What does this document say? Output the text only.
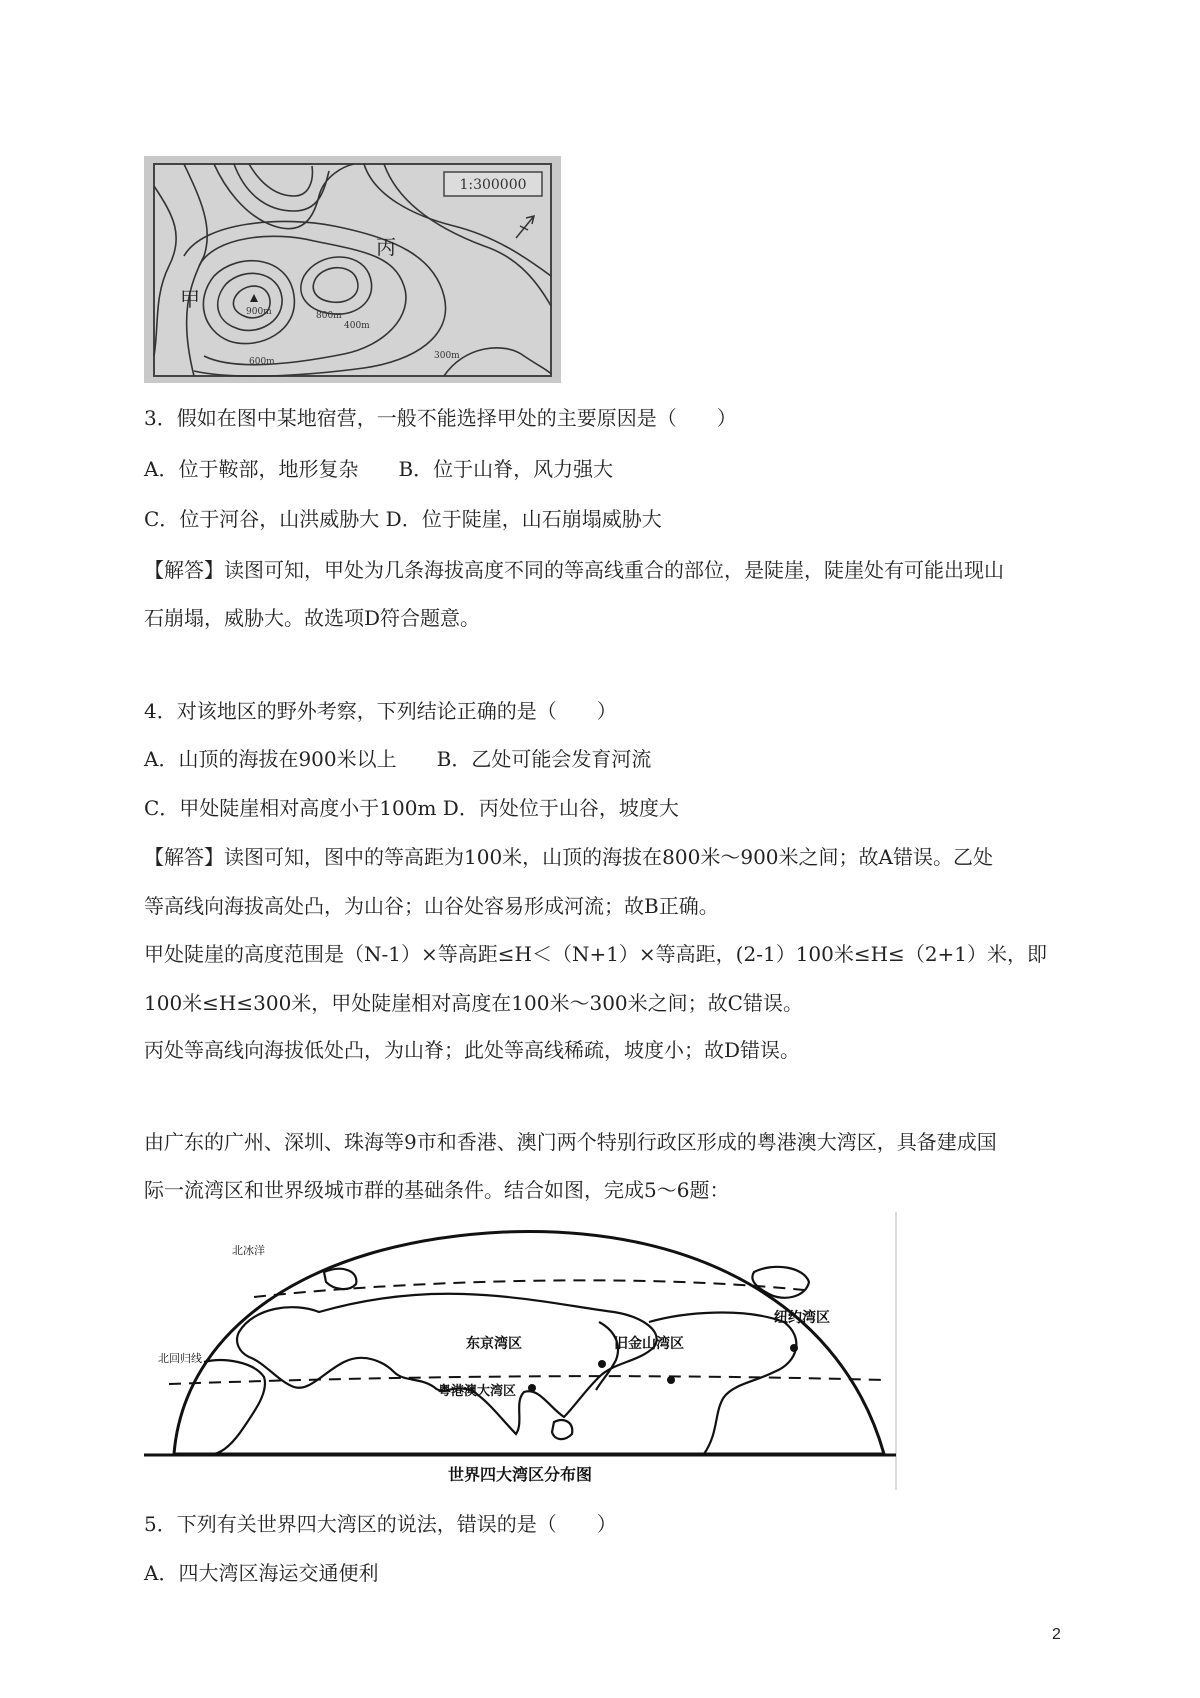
1:300000
甲
丙
900m	800m
600m
400m
300m
3．假如在图中某地宿营，一般不能选择甲处的主要原因是（　　）
A．位于鞍部，地形复杂　　B．位于山脊，风力强大
C．位于河谷，山洪威胁大 D．位于陡崖，山石崩塌威胁大
【解答】读图可知，甲处为几条海拔高度不同的等高线重合的部位，是陡崖，陡崖处有可能出现山
石崩塌，威胁大。故选项D符合题意。
4．对该地区的野外考察，下列结论正确的是（　　）
A．山顶的海拔在900米以上　　B．乙处可能会发育河流
C．甲处陡崖相对高度小于100m D．丙处位于山谷，坡度大
【解答】读图可知，图中的等高距为100米，山顶的海拔在800米～900米之间；故A错误。乙处
等高线向海拔高处凸，为山谷；山谷处容易形成河流；故B正确。
甲处陡崖的高度范围是（N-1）×等高距≤H＜（N+1）×等高距，(2-1）100米≤H≤（2+1）米，即
100米≤H≤300米，甲处陡崖相对高度在100米～300米之间；故C错误。
丙处等高线向海拔低处凸，为山脊；此处等高线稀疏，坡度小；故D错误。
由广东的广州、深圳、珠海等9市和香港、澳门两个特别行政区形成的粤港澳大湾区，具备建成国
际一流湾区和世界级城市群的基础条件。结合如图，完成5～6题：
北冰洋
北回归线
东京湾区	旧金山湾区
纽约湾区
粤港澳大湾区
世界四大湾区分布图
5．下列有关世界四大湾区的说法，错误的是（　　）
A．四大湾区海运交通便利
2
